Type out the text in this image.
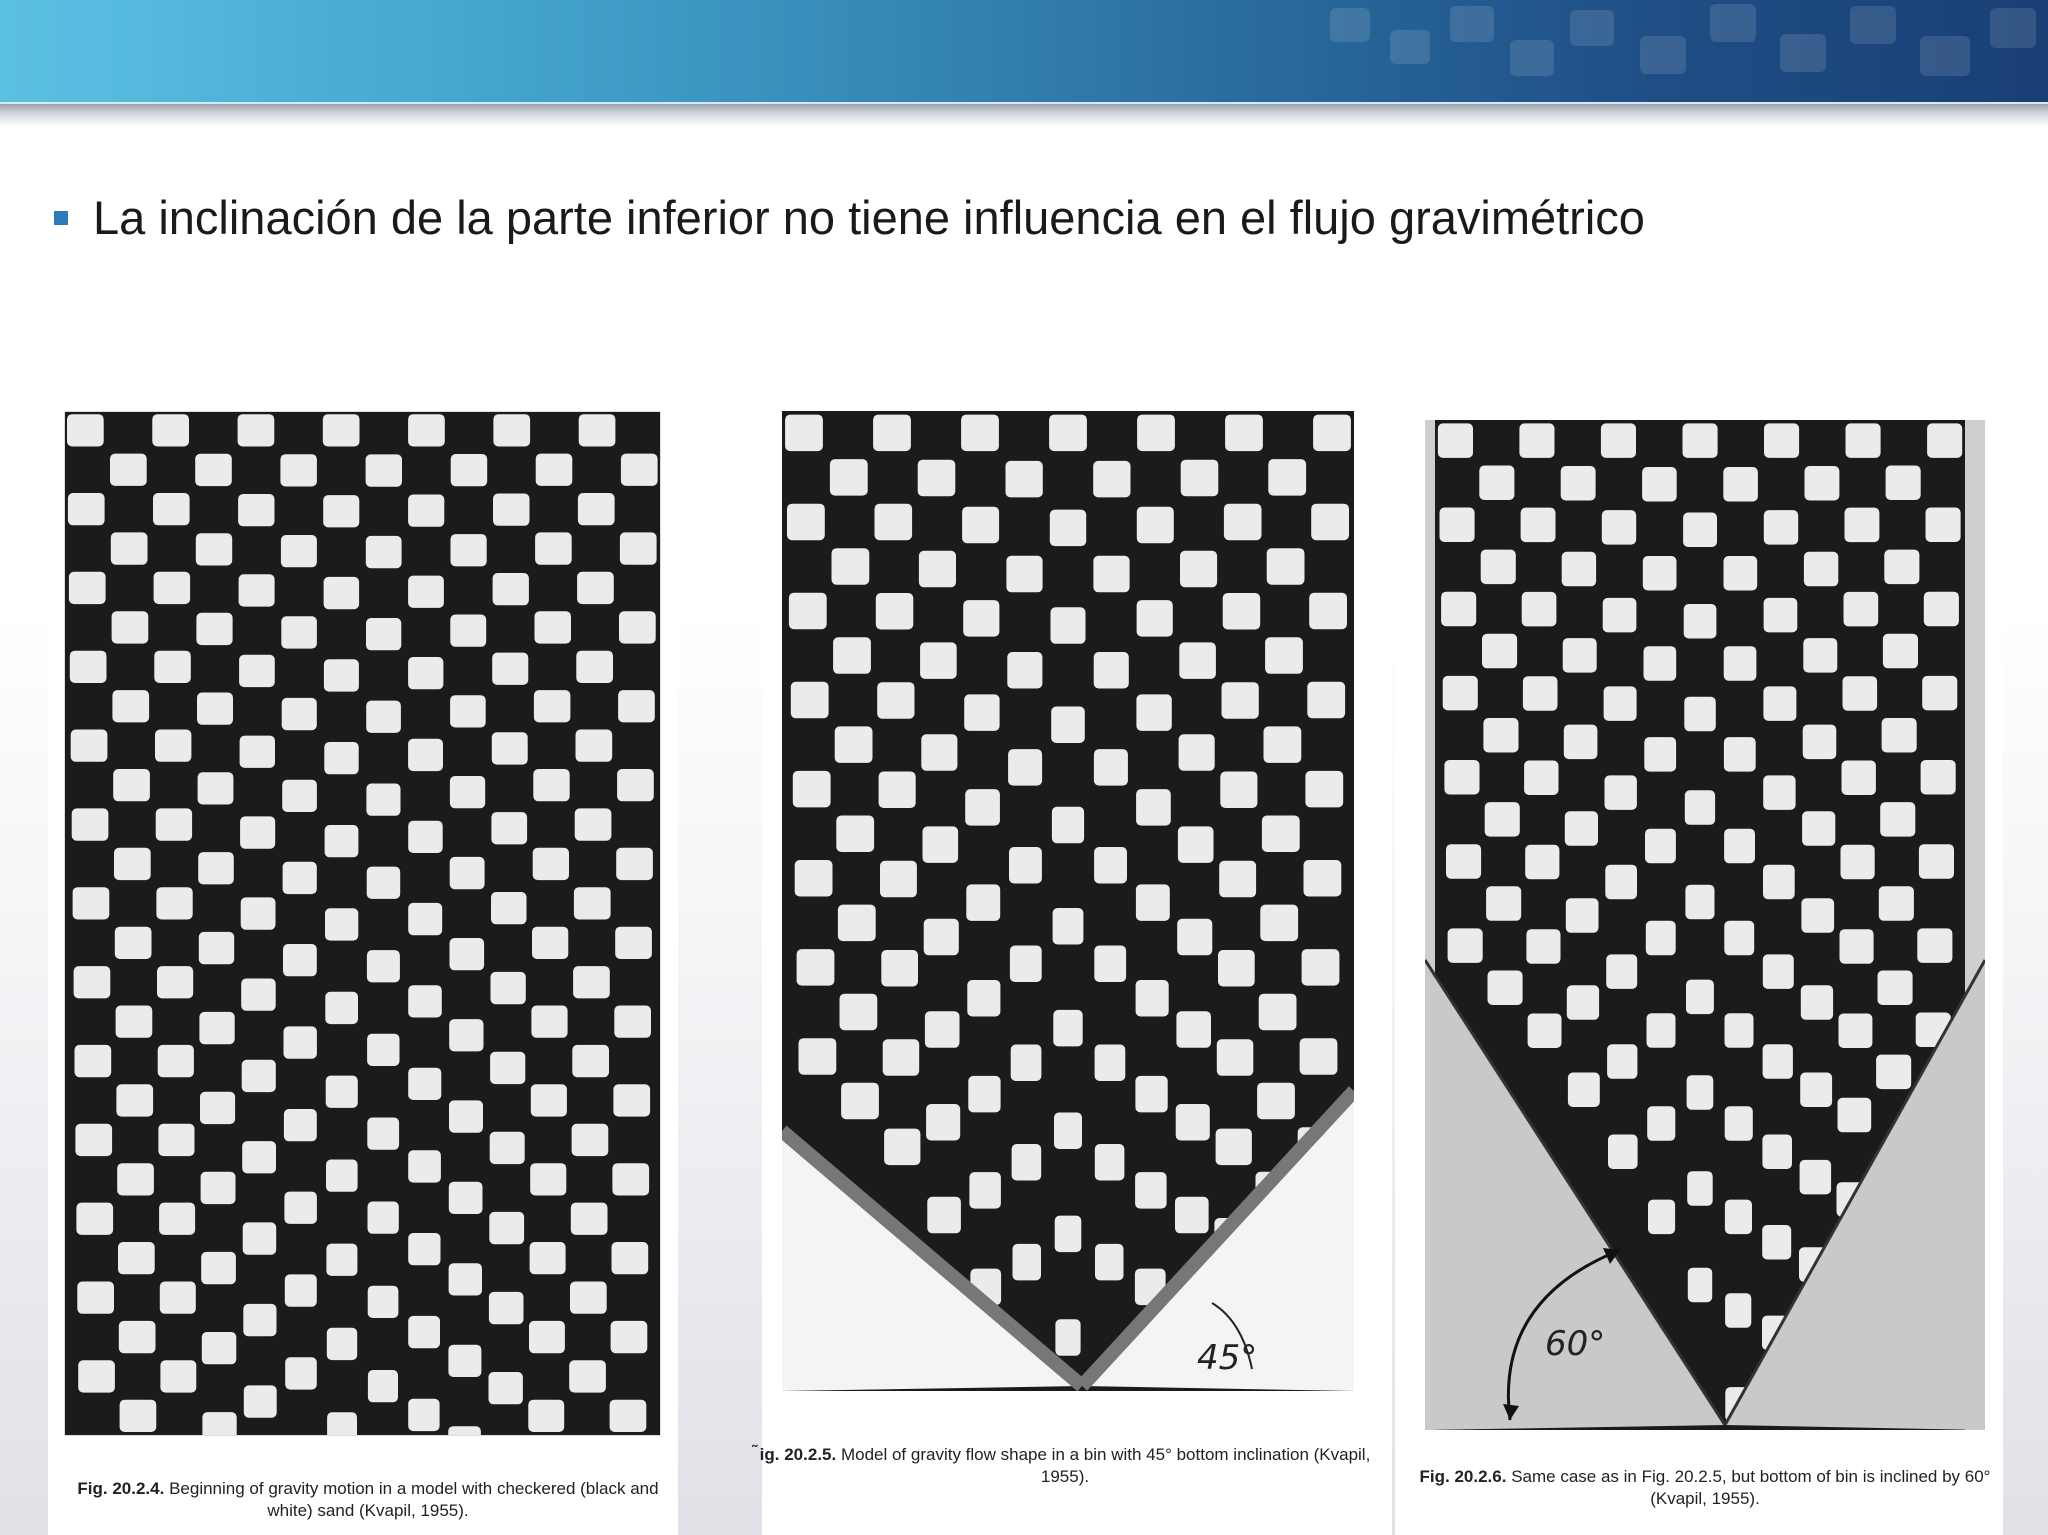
La inclinación de la parte inferior no tiene influencia en el flujo gravimétrico
Fig. 20.2.4. Beginning of gravity motion in a model with checkered (black and white) sand (Kvapil, 1955).
45°
̃ig. 20.2.5. Model of gravity flow shape in a bin with 45° bottom inclination (Kvapil, 1955).
60°
Fig. 20.2.6. Same case as in Fig. 20.2.5, but bottom of bin is inclined by 60° (Kvapil, 1955).
